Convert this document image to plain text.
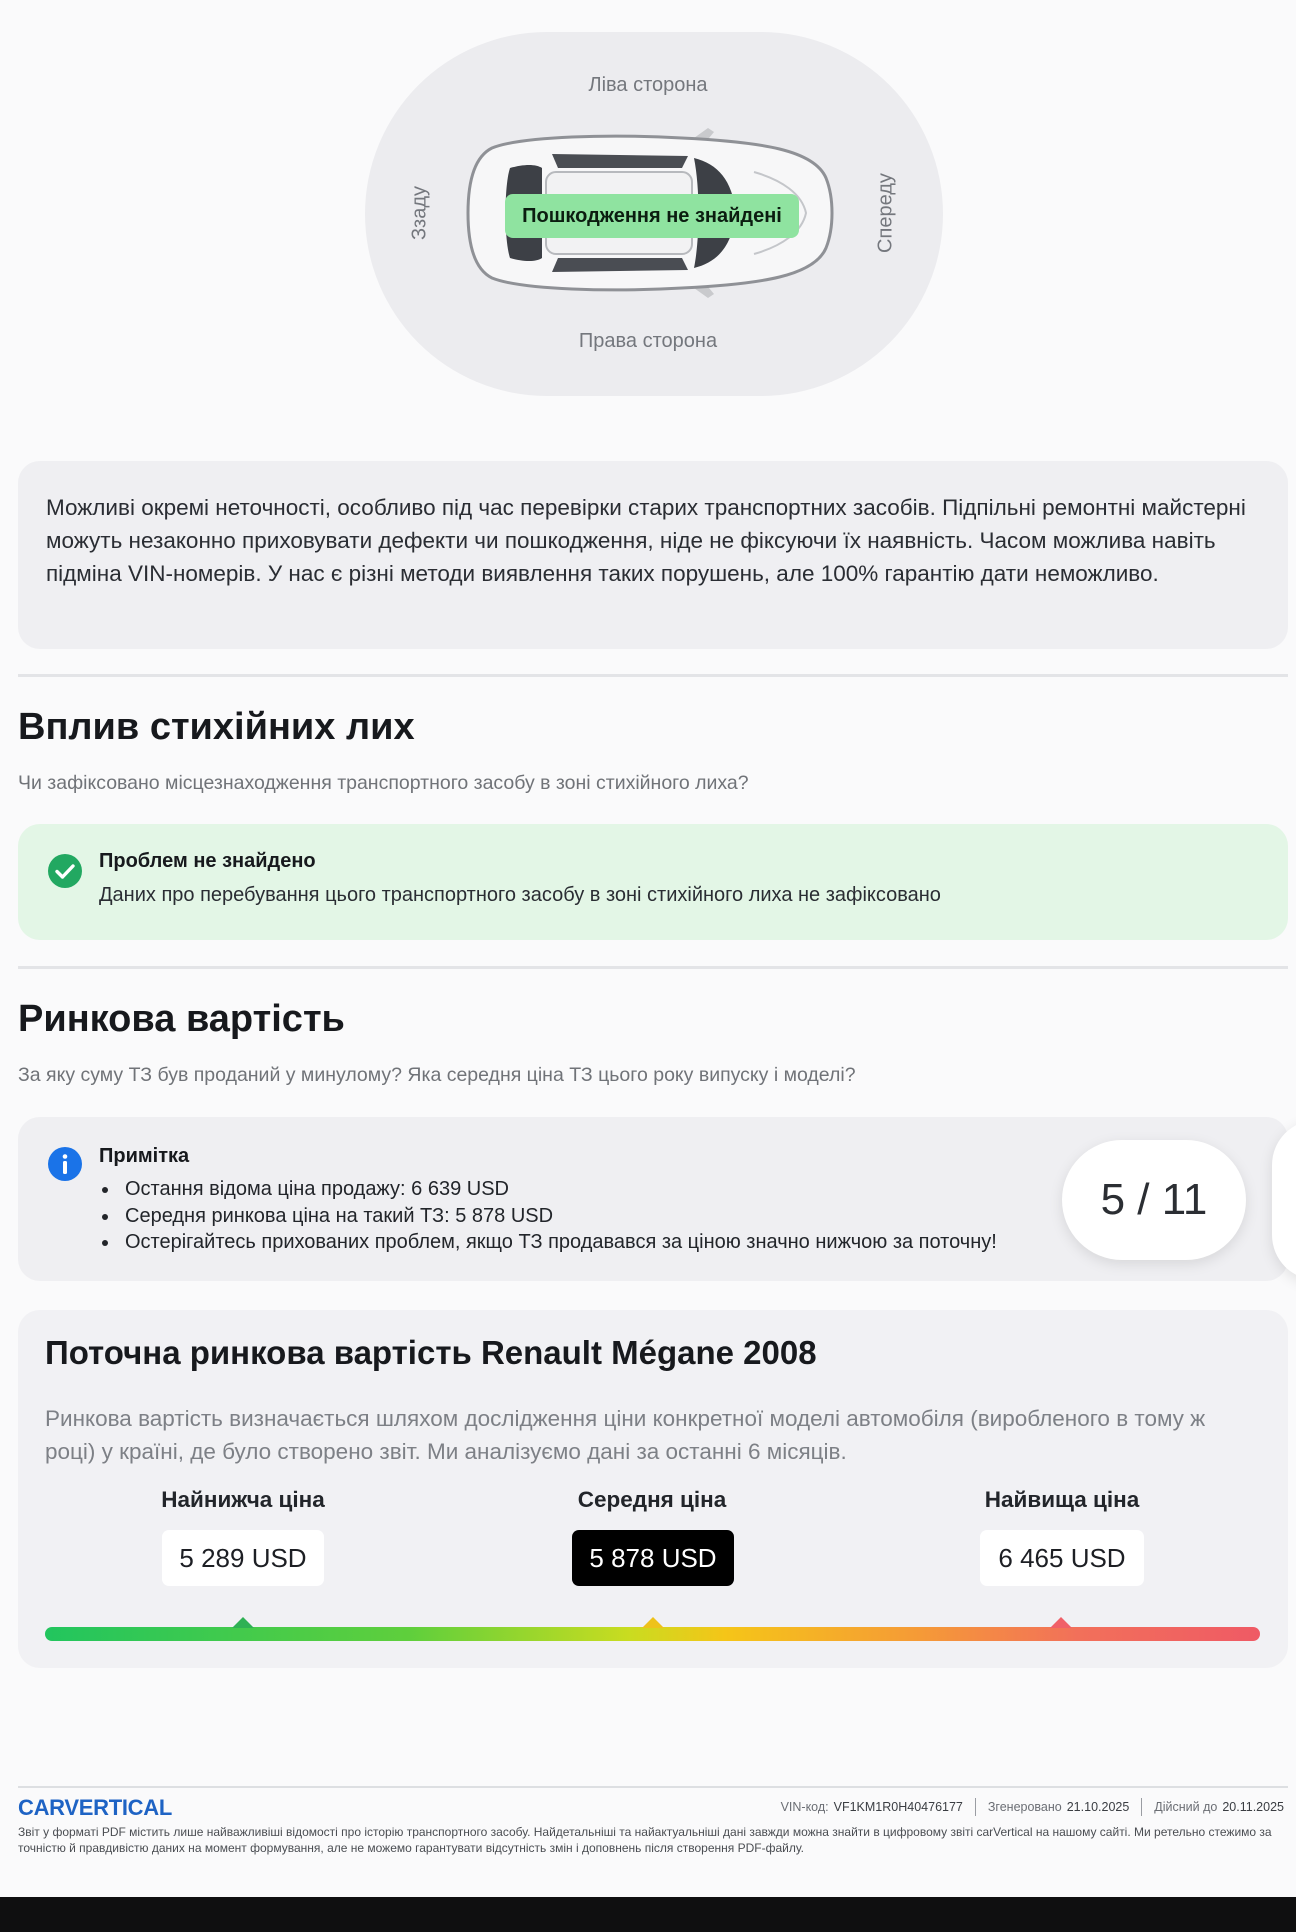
Ліва сторона
Права сторона
Ззаду	Спереду
Пошкодження не знайдені
Можливі окремі неточності, особливо під час перевірки старих транспортних засобів. Підпільні ремонтні майстерні можуть незаконно приховувати дефекти чи пошкодження, ніде не фіксуючи їх наявність. Часом можлива навіть підміна VIN-номерів. У нас є різні методи виявлення таких порушень, але 100% гарантію дати неможливо.
Вплив стихійних лих
Чи зафіксовано місцезнаходження транспортного засобу в зоні стихійного лиха?
Проблем не знайдено
Даних про перебування цього транспортного засобу в зоні стихійного лиха не зафіксовано
Ринкова вартість
За яку суму ТЗ був проданий у минулому? Яка середня ціна ТЗ цього року випуску і моделі?
Примітка
Остання відома ціна продажу: 6 639 USD
Середня ринкова ціна на такий ТЗ: 5 878 USD
Остерігайтесь прихованих проблем, якщо ТЗ продавався за ціною значно нижчою за поточну!
5 / 11
Поточна ринкова вартість Renault Mégane 2008
Ринкова вартість визначається шляхом дослідження ціни конкретної моделі автомобіля (виробленого в тому ж році) у країні, де було створено звіт. Ми аналізуємо дані за останні 6 місяців.
Найнижча ціна	Середня ціна	Найвища ціна
5 289 USD	5 878 USD	6 465 USD
CARVERTICAL	VIN-код: VF1KM1R0H40476177 Згенеровано 21.10.2025 Дійсний до 20.11.2025
Звіт у форматі PDF містить лише найважливіші відомості про історію транспортного засобу. Найдетальніші та найактуальніші дані завжди можна знайти в цифровому звіті carVertical на нашому сайті. Ми ретельно стежимо за точністю й правдивістю даних на момент формування, але не можемо гарантувати відсутність змін і доповнень після створення PDF-файлу.
